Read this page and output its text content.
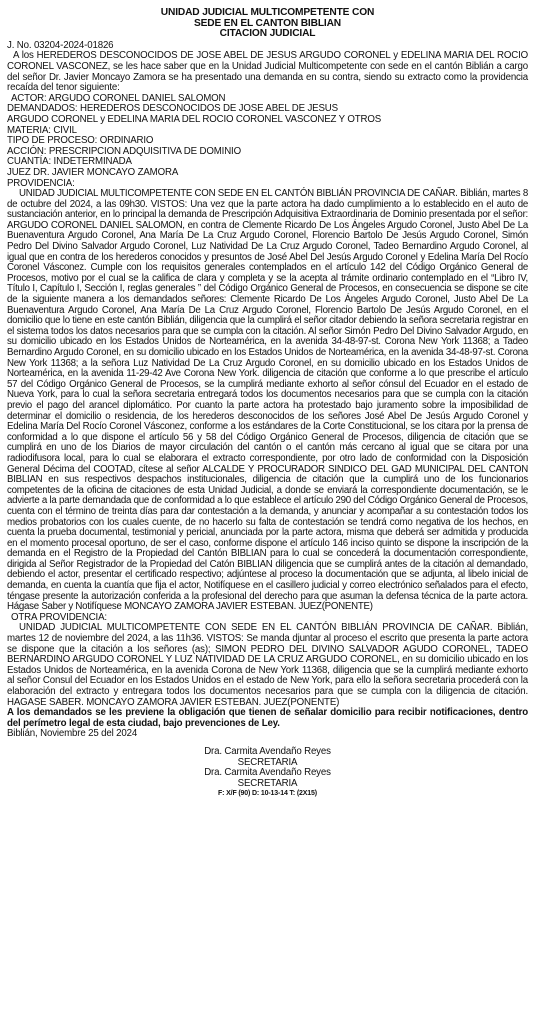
UNIDAD JUDICIAL MULTICOMPETENTE CON
SEDE EN EL CANTON BIBLIAN
CITACION JUDICIAL
J. No. 03204-2024-01826

A los HEREDEROS DESCONOCIDOS DE JOSE ABEL DE JESUS ARGUDO CORONEL y EDELINA MARIA DEL ROCIO CORONEL VASCONEZ, se les hace saber que en la Unidad Judicial Multicompetente con sede en el cantón Biblián a cargo del señor Dr. Javier Moncayo Zamora se ha presentado una demanda en su contra, siendo su extracto como la providencia recaída del tenor siguiente:

ACTOR: ARGUDO CORONEL DANIEL SALOMON
DEMANDADOS: HEREDEROS DESCONOCIDOS DE JOSE ABEL DE JESUS
ARGUDO CORONEL y EDELINA MARIA DEL ROCIO CORONEL VASCONEZ Y OTROS
MATERIA: CIVIL
TIPO DE PROCESO: ORDINARIO
ACCIÓN: PRESCRIPCION ADQUISITIVA DE DOMINIO
CUANTÍA: INDETERMINADA
JUEZ DR. JAVIER MONCAYO ZAMORA
PROVIDENCIA:

UNIDAD JUDICIAL MULTICOMPETENTE CON SEDE EN EL CANTÓN BIBLIÁN PROVINCIA DE CAÑAR. Biblián, martes 8 de octubre del 2024, a las 09h30. VISTOS: Una vez que la parte actora ha dado cumplimiento a lo establecido en el auto de sustanciación anterior, en lo principal la demanda de Prescripción Adquisitiva Extraordinaria de Dominio presentada por el señor: ARGUDO CORONEL DANIEL SALOMON, en contra de Clemente Ricardo De Los Ángeles Argudo Coronel, Justo Abel De La Buenaventura Argudo Coronel, Ana María De La Cruz Argudo Coronel, Florencio Bartolo De Jesús Argudo Coronel, Simón Pedro Del Divino Salvador Argudo Coronel, Luz Natividad De La Cruz Argudo Coronel, Tadeo Bernardino Argudo Coronel, al igual que en contra de los herederos conocidos y presuntos de José Abel Del Jesús Argudo Coronel y Edelina María Del Rocío Coronel Vásconez. Cumple con los requisitos generales contemplados en el artículo 142 del Código Orgánico General de Procesos, motivo por el cual se la califica de clara y completa y se la acepta al trámite ordinario contemplado en el “Libro IV, Título I, Capítulo I, Sección I, reglas generales ” del Código Orgánico General de Procesos, en consecuencia se dispone se cite de la siguiente manera a los demandados señores: Clemente Ricardo De Los Ángeles Argudo Coronel, Justo Abel De La Buenaventura Argudo Coronel, Ana María De La Cruz Argudo Coronel, Florencio Bartolo De Jesús Argudo Coronel, en el domicilio que lo tiene en este cantón Biblián, diligencia que la cumplirá el señor citador debiendo la señora secretaria registrar en el sistema todos los datos necesarios para que se cumpla con la citación. Al señor Simón Pedro Del Divino Salvador Argudo, en su domicilio ubicado en los Estados Unidos de Norteamérica, en la avenida 34-48-97-st. Corona New York 11368; a Tadeo Bernardino Argudo Coronel, en su domicilio ubicado en los Estados Unidos de Norteamérica, en la avenida 34-48-97-st. Corona New York 11368; a la señora Luz Natividad De La Cruz Argudo Coronel, en su domicilio ubicado en los Estados Unidos de Norteamérica, en la avenida 11-29-42 Ave Corona New York. diligencia de citación que conforme a lo que prescribe el artículo 57 del Código Orgánico General de Procesos, se la cumplirá mediante exhorto al señor cónsul del Ecuador en el estado de Nueva York, para lo cual la señora secretaria entregará todos los documentos necesarios para que se cumpla con la citación previo el pago del arancel diplomático. Por cuanto la parte actora ha protestado bajo juramento sobre la imposibilidad de determinar el domicilio o residencia, de los herederos desconocidos de los señores José Abel De Jesús Argudo Coronel y Edelina María Del Rocío Coronel Vásconez, conforme a los estándares de la Corte Constitucional, se los citara por la prensa de conformidad a lo que dispone el artículo 56 y 58 del Código Orgánico General de Procesos, diligencia de citación que se cumplirá en uno de los Diarios de mayor circulación del cantón o el cantón más cercano al igual que se citara por una radiodifusora local, para lo cual se elaborara el extracto correspondiente, por otro lado de conformidad con la Disposición General Décima del COOTAD, cítese al señor ALCALDE Y PROCURADOR SINDICO DEL GAD MUNICIPAL DEL CANTON BIBLIAN en sus respectivos despachos institucionales, diligencia de citación que la cumplirá uno de los funcionarios competentes de la oficina de citaciones de esta Unidad Judicial, a donde se enviará la correspondiente documentación, se le advierte a la parte demandada que de conformidad a lo que establece el artículo 290 del Código Orgánico General de Procesos, cuenta con el término de treinta días para dar contestación a la demanda, y anunciar y acompañar a su contestación todos los medios probatorios con los cuales cuente, de no hacerlo su falta de contestación se tendrá como negativa de los hechos, en cuenta la prueba documental, testimonial y pericial, anunciada por la parte actora, misma que deberá ser admitida y producida en el momento procesal oportuno, de ser el caso, conforme dispone el artículo 146 inciso quinto se dispone la inscripción de la demanda en el Registro de la Propiedad del Cantón BIBLIAN para lo cual se concederá la documentación correspondiente, dirigida al Señor Registrador de la Propiedad del Catón BIBLIAN diligencia que se cumplirá antes de la citación al demandado, debiendo el actor, presentar el certificado respectivo; adjúntese al proceso la documentación que se adjunta, al libelo inicial de demanda, en cuenta la cuantía que fija el actor, Notifíquese en el casillero judicial y correo electrónico señalados para el efecto, téngase presente la autorización conferida a la profesional del derecho para que asuman la defensa técnica de la parte actora. Hágase Saber y Notifíquese MONCAYO ZAMORA JAVIER ESTEBAN. JUEZ(PONENTE)

OTRA PROVIDENCIA:

UNIDAD JUDICIAL MULTICOMPETENTE CON SEDE EN EL CANTÓN BIBLIÁN PROVINCIA DE CAÑAR. Biblián, martes 12 de noviembre del 2024, a las 11h36. VISTOS: Se manda djuntar al proceso el escrito que presenta la parte actora se dispone que la citación a los señores (as); SIMON PEDRO DEL DIVINO SALVADOR AGUDO CORONEL, TADEO BERNARDINO ARGUDO CORONEL Y LUZ NATIVIDAD DE LA CRUZ ARGUDO CORONEL, en su domicilio ubicado en los Estados Unidos de Norteamérica, en la avenida Corona de New York 11368, diligencia que se la cumplirá mediante exhorto al señor Consul del Ecuador en los Estados Unidos en el estado de New York, para ello la señora secretaria procederá con la elaboración del extracto y entregara todos los documentos necesarios para que se cumpla con la diligencia de citación. HAGASE SABER. MONCAYO ZAMORA JAVIER ESTEBAN. JUEZ(PONENTE)

A los demandados se les previene la obligación que tienen de señalar domicilio para recibir notificaciones, dentro del perímetro legal de esta ciudad, bajo prevenciones de Ley.

Biblián, Noviembre 25 del 2024
Dra. Carmita Avendaño Reyes
SECRETARIA
Dra. Carmita Avendaño Reyes
SECRETARIA
F: X/F (90) D: 10-13-14 T: (2X15)
